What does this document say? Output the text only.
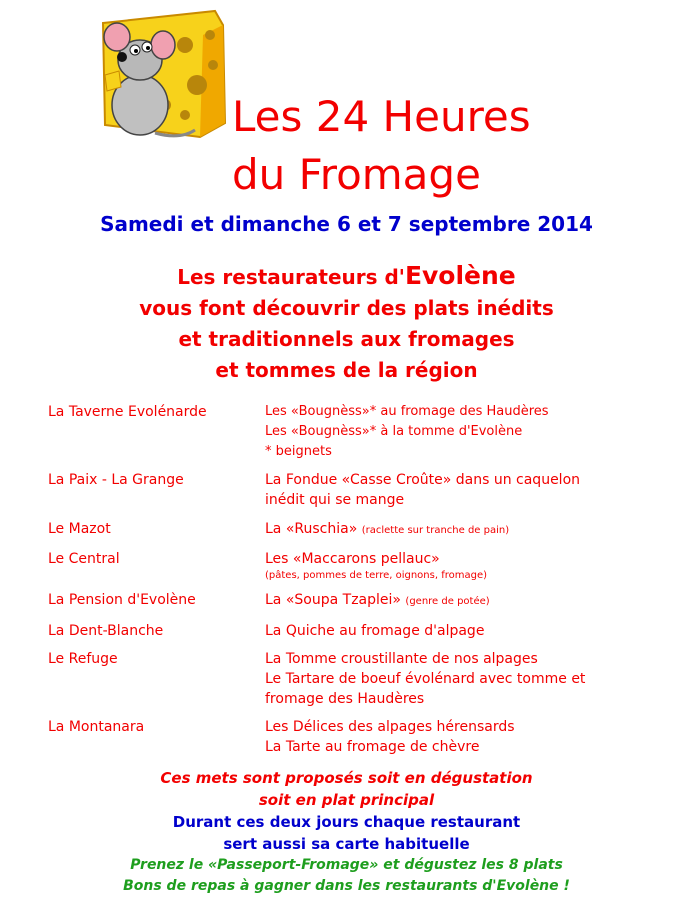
Les 24 Heures
du Fromage
Samedi et dimanche 6 et 7 septembre 2014
Les restaurateurs d'Evolène
vous font découvrir des plats inédits
et traditionnels aux fromages
et tommes de la région
La Taverne Evolénarde	Les «Bougnèss»* au fromage des Haudères
Les «Bougnèss»* à la tomme d'Evolène
* beignets
La Paix - La Grange	La Fondue «Casse Croûte» dans un caquelon
inédit qui se mange
Le Mazot	La «Ruschia» (raclette sur tranche de pain)
Le Central	Les «Maccarons pellauc»
(pâtes, pommes de terre, oignons, fromage)
La Pension d'Evolène	La «Soupa Tzaplei» (genre de potée)
La Dent-Blanche	La Quiche au fromage d'alpage
Le Refuge	La Tomme croustillante de nos alpages
Le Tartare de boeuf évolénard avec tomme et
fromage des Haudères
La Montanara	Les Délices des alpages hérensards
La Tarte au fromage de chèvre
Ces mets sont proposés soit en dégustation
soit en plat principal
Durant ces deux jours chaque restaurant
sert aussi sa carte habituelle
Prenez le «Passeport-Fromage» et dégustez les 8 plats
Bons de repas à gagner dans les restaurants d'Evolène !
